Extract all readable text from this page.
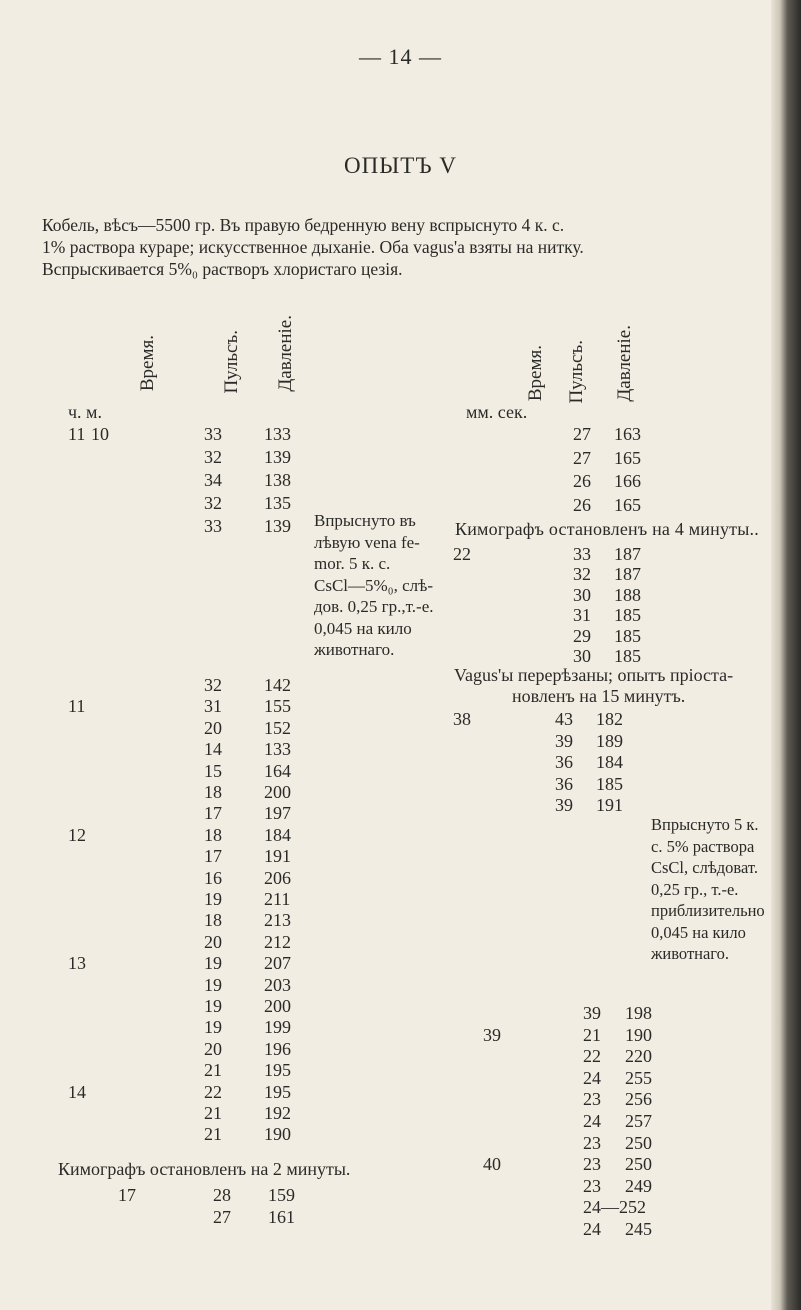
— 14 —
ОПЫТЪ V

Кобель, вѣсъ—5500 гр. Въ правую бедренную вену вспрыснуто 4 к. с.

1% раствора кураре; искусственное дыханіе. Оба vagus'а взяты на нитку.

Вспрыскивается 5%₀ растворъ хлористаго цезія.

Время.	Пульсъ. Давленіе.
ч. м.
Время. Пульсъ. Давленіе.
мм. сек.
11 10	33 133
32 139
34 138
32 135
33 139
32 142
11	31 155
20 152
14 133
15 164
18 200
17 197
12	18 184
17 191
16 206
19 211
18 213
20 212
13	19 207
19 203
19 200
19 199
20 196
21 195
14	22 195
21 192
21 190
17	28 159
27 161
Впрыснуто въ
лѣвую vena fe-
mor. 5 к. с.
CsCl—5%₀, слѣ-
дов. 0,25 гр.,т.-е.
0,045 на кило
животнаго.
Кимографъ остановленъ на 2 минуты.
27 163
27 165
26 166
26 165
22	33 187
32 187
30 188
31 185
29 185
30 185
38	43 182
39 189
36 184
36 185
39 191
39 198
39	21 190
22 220
24 255
23 256
24 257
23 250
40	23 250
23 249
24—252
24 245
Кимографъ остановленъ на 4 минуты..
Vagus'ы перерѣзаны; опытъ пріоста-
новленъ на 15 минутъ.
Впрыснуто 5 к.
с. 5% раствора
CsCl, слѣдоват.
0,25 гр., т.-е.
приблизительно
0,045 на кило
животнаго.
